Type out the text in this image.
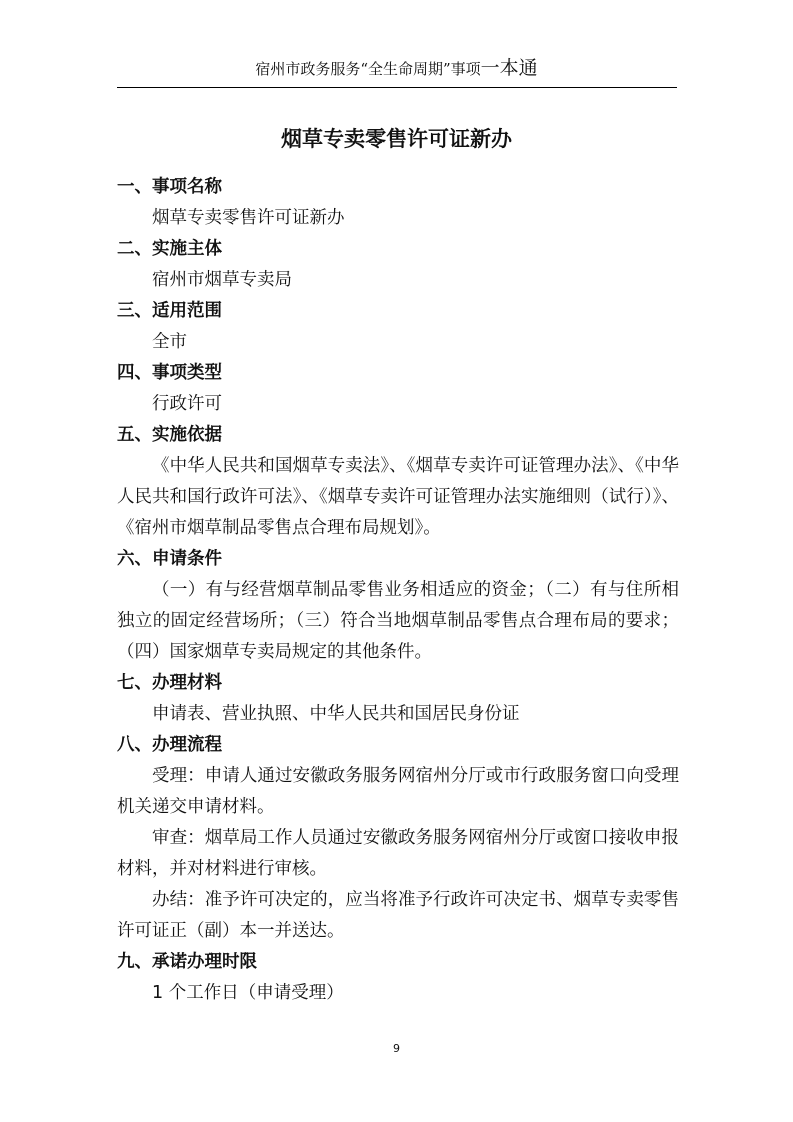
宿州市政务服务“全生命周期”事项一本通
烟草专卖零售许可证新办

一、事项名称

烟草专卖零售许可证新办

二、实施主体

宿州市烟草专卖局

三、适用范围

全市

四、事项类型

行政许可

五、实施依据

《中华人民共和国烟草专卖法》、《烟草专卖许可证管理办法》、《中华人民共和国行政许可法》、《烟草专卖许可证管理办法实施细则（试行）》、《宿州市烟草制品零售点合理布局规划》。

六、申请条件

（一）有与经营烟草制品零售业务相适应的资金；（二）有与住所相独立的固定经营场所；（三）符合当地烟草制品零售点合理布局的要求；（四）国家烟草专卖局规定的其他条件。

七、办理材料

申请表、营业执照、中华人民共和国居民身份证

八、办理流程

受理：申请人通过安徽政务服务网宿州分厅或市行政服务窗口向受理机关递交申请材料。

审查：烟草局工作人员通过安徽政务服务网宿州分厅或窗口接收申报材料，并对材料进行审核。

办结：准予许可决定的，应当将准予行政许可决定书、烟草专卖零售许可证正（副）本一并送达。

九、承诺办理时限

1 个工作日（申请受理）

9
